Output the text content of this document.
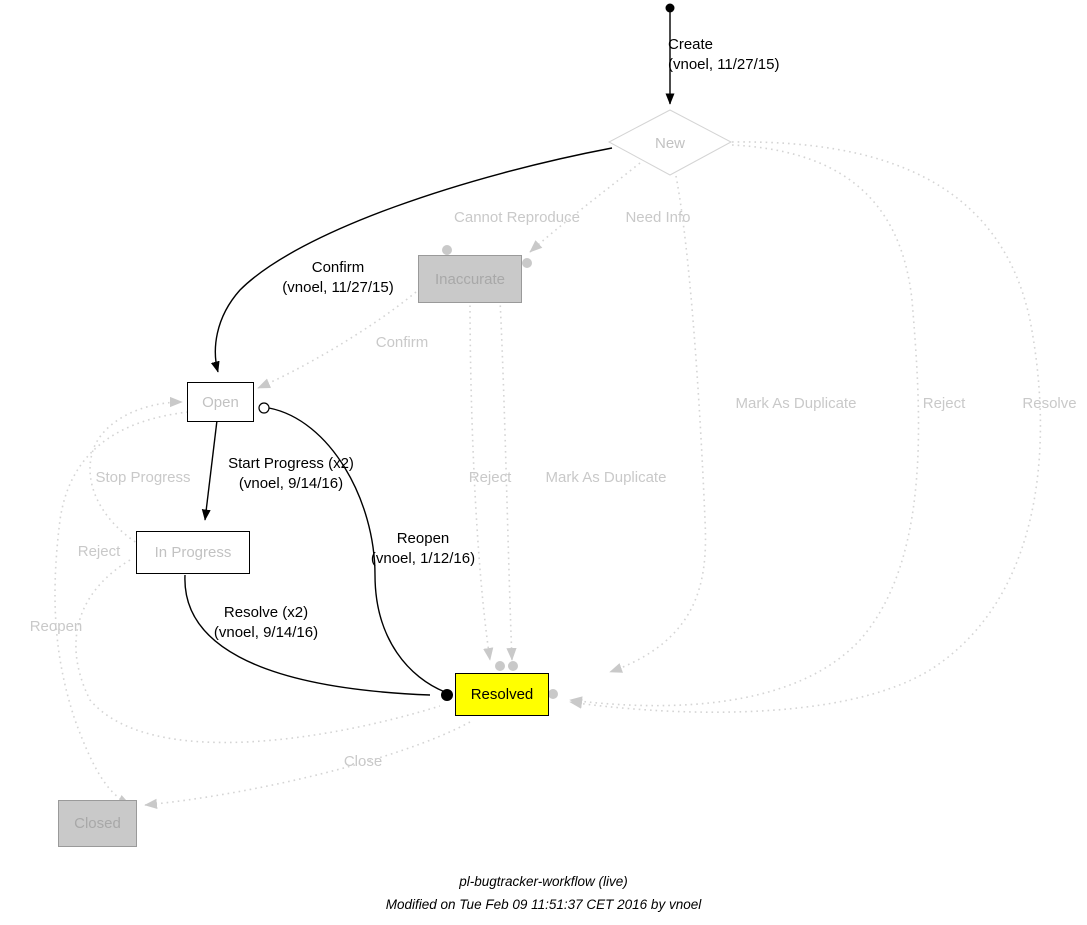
New
Inaccurate
Open
In Progress
Resolved
Closed
Create
(vnoel, 11/27/15)
Cannot Reproduce	Need Info
Confirm
(vnoel, 11/27/15)
Confirm
Mark As Duplicate	Reject	Resolve
Stop Progress	Reject	Mark As Duplicate
Start Progress (x2)
(vnoel, 9/14/16)
Reject
Reopen
(vnoel, 1/12/16)
Resolve (x2)
(vnoel, 9/14/16)
Reopen
Close
pl-bugtracker-workflow (live)
Modified on Tue Feb 09 11:51:37 CET 2016 by vnoel
